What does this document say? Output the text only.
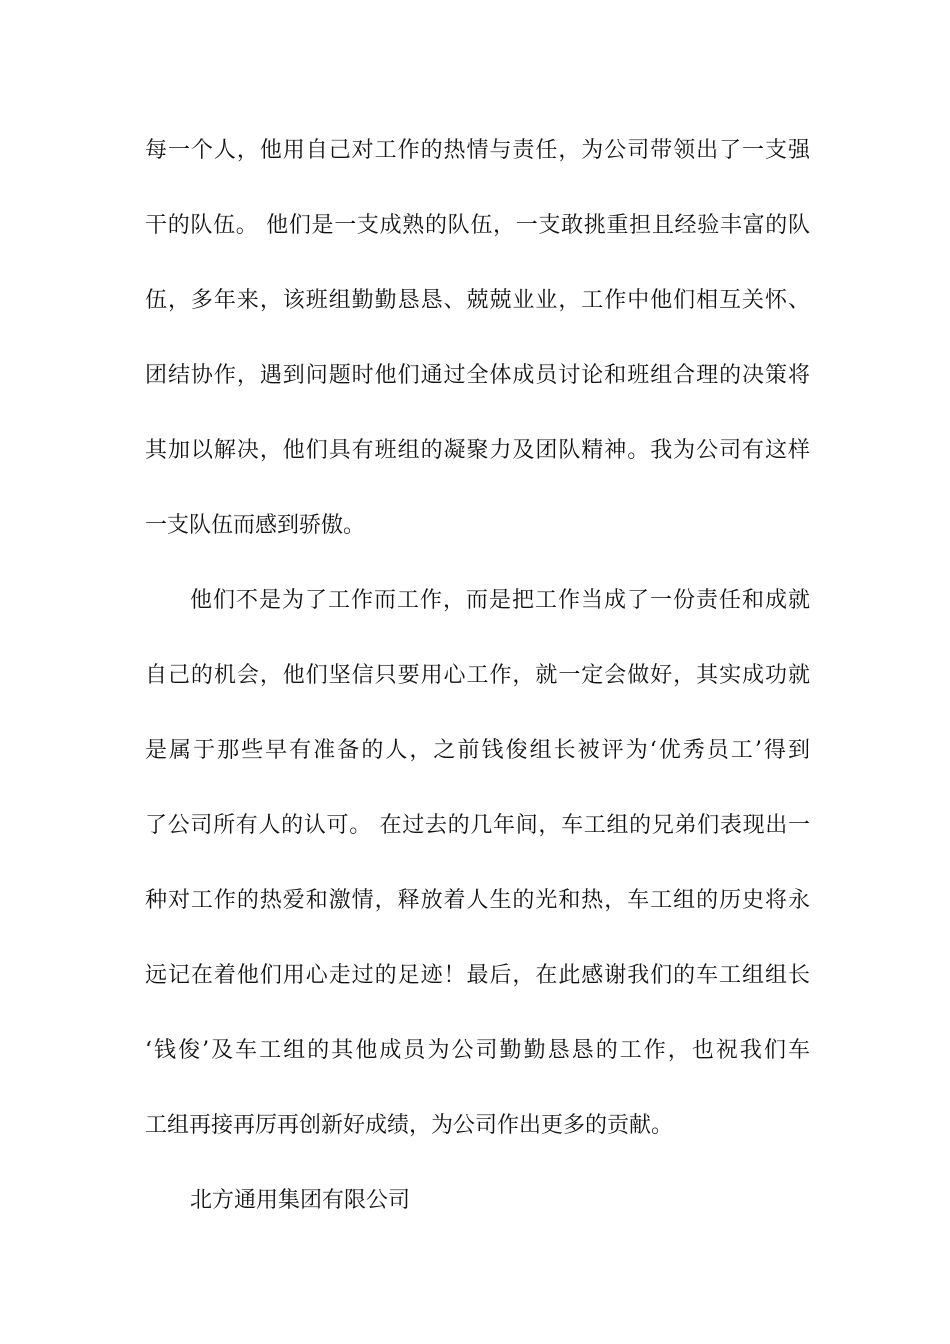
每一个人，他用自己对工作的热情与责任，为公司带领出了一支强
干的队伍。 他们是一支成熟的队伍，一支敢挑重担且经验丰富的队
伍，多年来，该班组勤勤恳恳、兢兢业业，工作中他们相互关怀、
团结协作，遇到问题时他们通过全体成员讨论和班组合理的决策将
其加以解决，他们具有班组的凝聚力及团队精神。我为公司有这样
一支队伍而感到骄傲。
他们不是为了工作而工作，而是把工作当成了一份责任和成就
自己的机会，他们坚信只要用心工作，就一定会做好，其实成功就
是属于那些早有准备的人，之前钱俊组长被评为‘优秀员工’得到
了公司所有人的认可。 在过去的几年间，车工组的兄弟们表现出一
种对工作的热爱和激情，释放着人生的光和热，车工组的历史将永
远记在着他们用心走过的足迹！最后，在此感谢我们的车工组组长
‘钱俊’及车工组的其他成员为公司勤勤恳恳的工作，也祝我们车
工组再接再厉再创新好成绩，为公司作出更多的贡献。
北方通用集团有限公司
